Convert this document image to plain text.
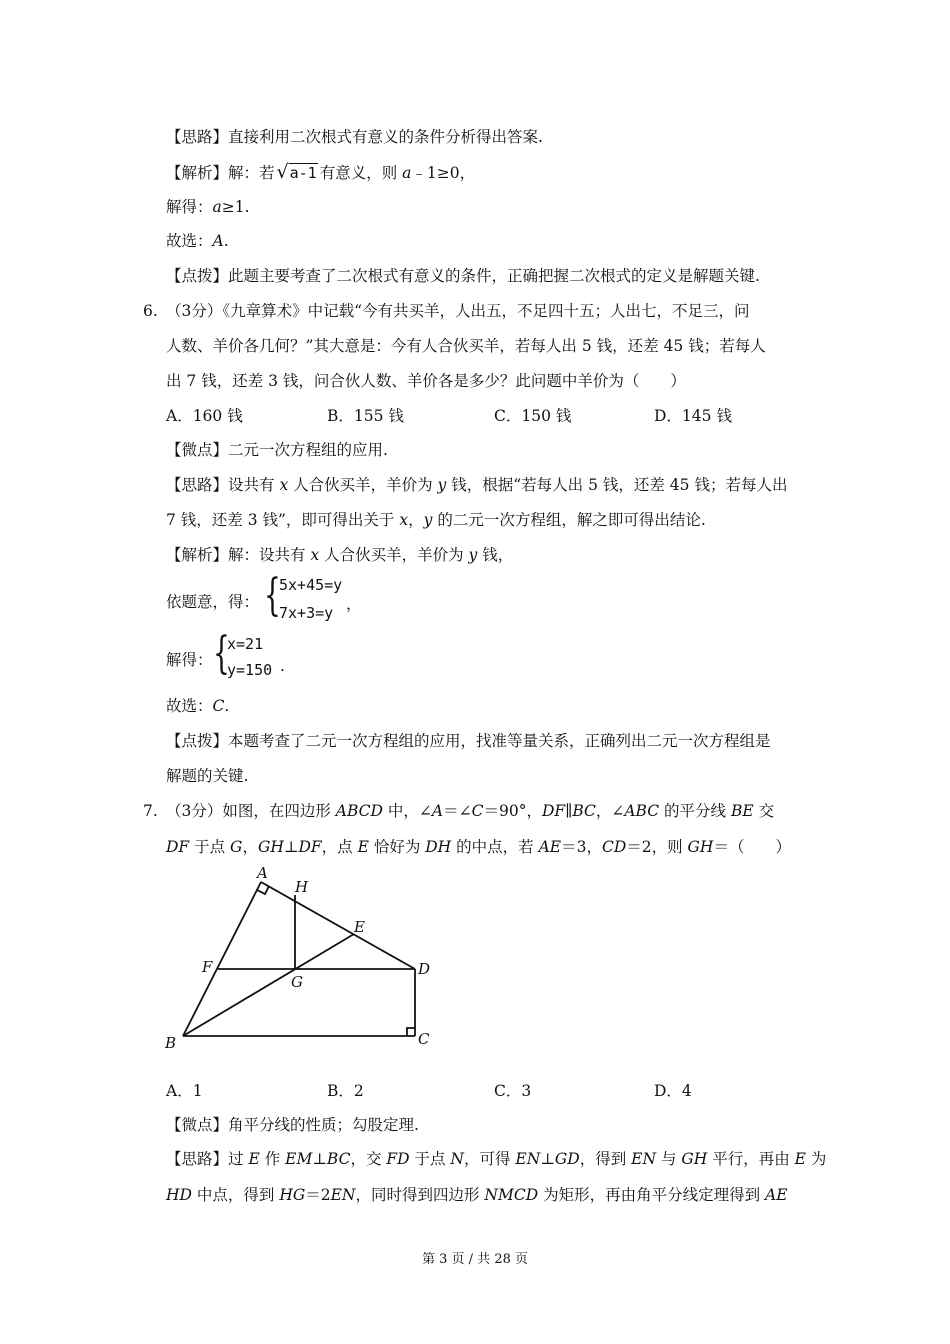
【思路】直接利用二次根式有意义的条件分析得出答案.
【解析】解：若 √a-1 有意义，则 a﹣1≥0，
解得：a≥1.
故选：A.
【点拨】此题主要考查了二次根式有意义的条件，正确把握二次根式的定义是解题关键.
6. （3分）《九章算术》中记载“今有共买羊，人出五，不足四十五；人出七，不足三，问
人数、羊价各几何？”其大意是：今有人合伙买羊，若每人出 5 钱，还差 45 钱；若每人
出 7 钱，还差 3 钱，问合伙人数、羊价各是多少？此问题中羊价为（　　）
A．160 钱	B．155 钱	C．150 钱	D．145 钱
【微点】二元一次方程组的应用.
【思路】设共有 x 人合伙买羊，羊价为 y 钱，根据“若每人出 5 钱，还差 45 钱；若每人出
7 钱，还差 3 钱”，即可得出关于 x，y 的二元一次方程组，解之即可得出结论.
【解析】解：设共有 x 人合伙买羊，羊价为 y 钱，
依题意，得： {
5x+45=y
7x+3=y ，
解得： {
x=21
y=150 .
故选：C.
【点拨】本题考查了二元一次方程组的应用，找准等量关系，正确列出二元一次方程组是
解题的关键.
7. （3分）如图，在四边形 ABCD 中，∠A＝∠C＝90°，DF∥BC，∠ABC 的平分线 BE 交
DF 于点 G，GH⊥DF，点 E 恰好为 DH 的中点，若 AE＝3，CD＝2，则 GH＝（　　）
A
H
E
F
G
D
B	C
A．1	B．2	C．3	D．4
【微点】角平分线的性质；勾股定理.
【思路】过 E 作 EM⊥BC，交 FD 于点 N，可得 EN⊥GD，得到 EN 与 GH 平行，再由 E 为
HD 中点，得到 HG＝2EN，同时得到四边形 NMCD 为矩形，再由角平分线定理得到 AE
第 3 页 / 共 28 页
